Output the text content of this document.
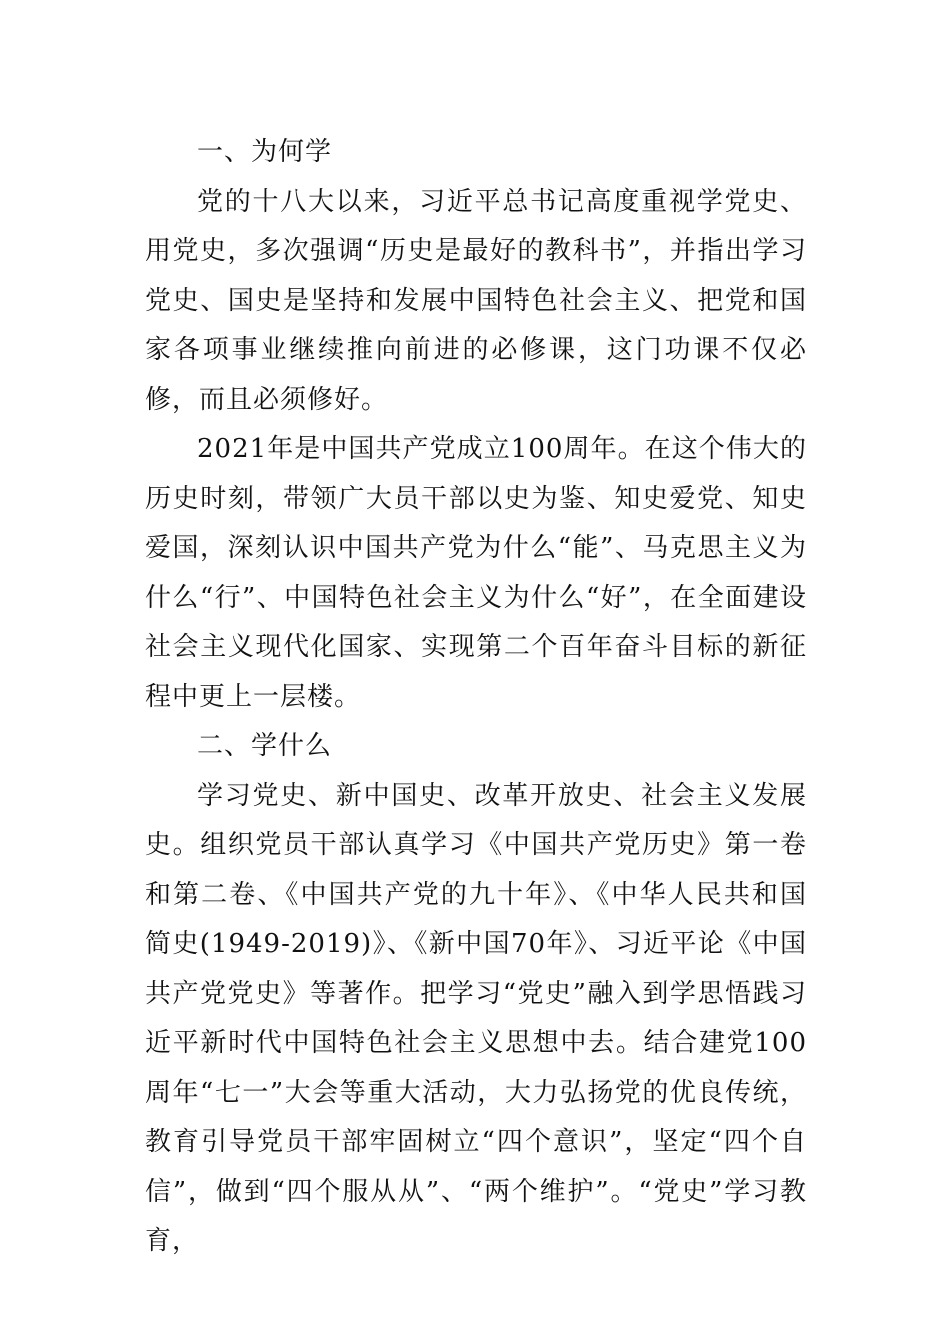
一、为何学

党的十八大以来，习近平总书记高度重视学党史、用党史，多次强调“历史是最好的教科书”，并指出学习党史、国史是坚持和发展中国特色社会主义、把党和国家各项事业继续推向前进的必修课，这门功课不仅必修，而且必须修好。

2021年是中国共产党成立100周年。在这个伟大的历史时刻，带领广大员干部以史为鉴、知史爱党、知史爱国，深刻认识中国共产党为什么“能”、马克思主义为什么“行”、中国特色社会主义为什么“好”，在全面建设社会主义现代化国家、实现第二个百年奋斗目标的新征程中更上一层楼。

二、学什么

学习党史、新中国史、改革开放史、社会主义发展史。组织党员干部认真学习《中国共产党历史》第一卷和第二卷、《中国共产党的九十年》、《中华人民共和国简史(1949-2019)》、《新中国70年》、习近平论《中国共产党党史》等著作。把学习“党史”融入到学思悟践习近平新时代中国特色社会主义思想中去。结合建党100周年“七一”大会等重大活动，大力弘扬党的优良传统，教育引导党员干部牢固树立“四个意识”，坚定“四个自信”，做到“四个服从从”、“两个维护”。“党史”学习教育，
